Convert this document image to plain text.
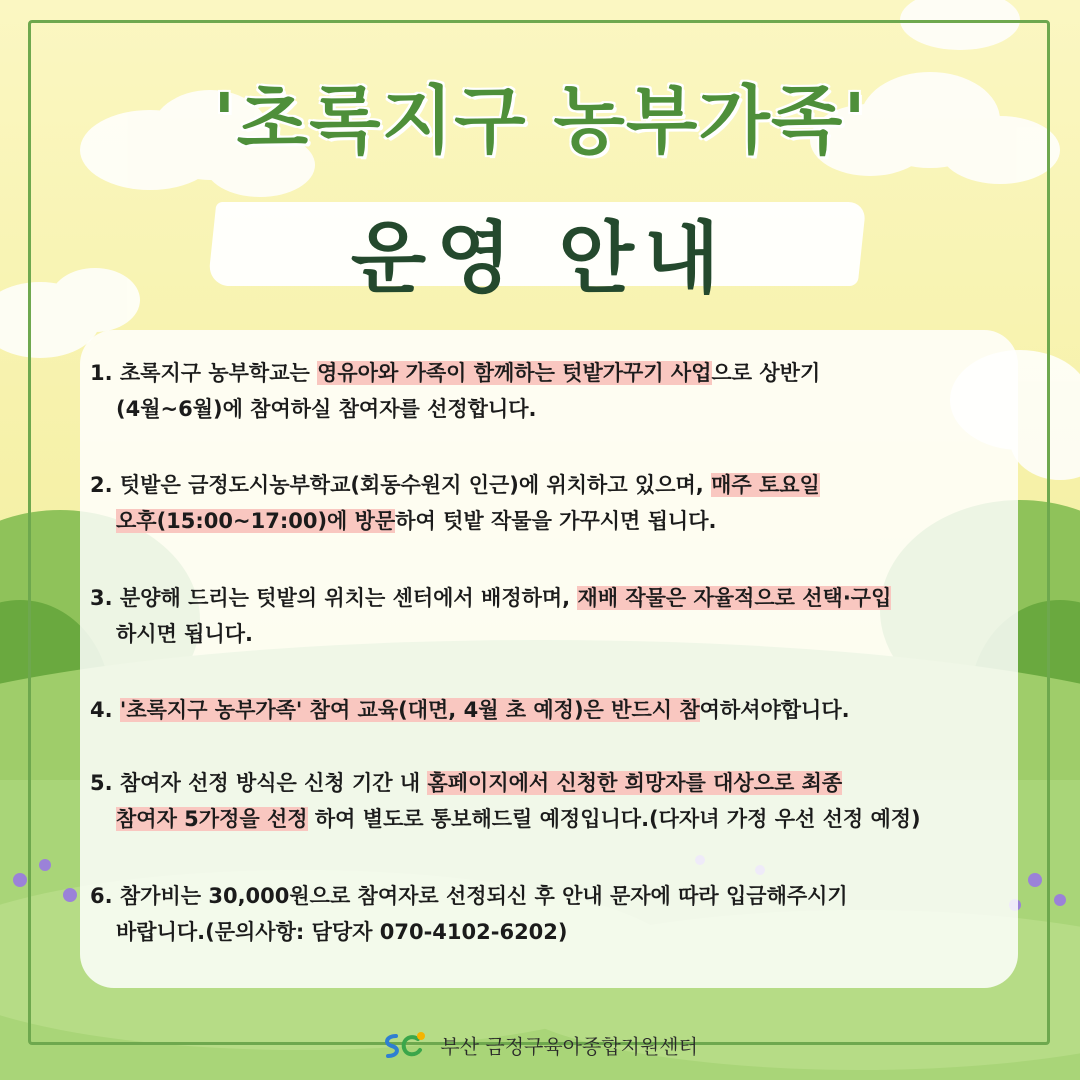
'초록지구 농부가족'
운영 안내
1. 초록지구 농부학교는 영유아와 가족이 함께하는 텃밭가꾸기 사업으로 상반기
(4월~6월)에 참여하실 참여자를 선정합니다.
2. 텃밭은 금정도시농부학교(회동수원지 인근)에 위치하고 있으며, 매주 토요일
오후(15:00~17:00)에 방문하여 텃밭 작물을 가꾸시면 됩니다.
3. 분양해 드리는 텃밭의 위치는 센터에서 배정하며, 재배 작물은 자율적으로 선택·구입
하시면 됩니다.
4. '초록지구 농부가족' 참여 교육(대면, 4월 초 예정)은 반드시 참여하셔야합니다.
5. 참여자 선정 방식은 신청 기간 내 홈페이지에서 신청한 희망자를 대상으로 최종
참여자 5가정을 선정 하여 별도로 통보해드릴 예정입니다.(다자녀 가정 우선 선정 예정)
6. 참가비는 30,000원으로 참여자로 선정되신 후 안내 문자에 따라 입금해주시기
바랍니다.(문의사항: 담당자 070-4102-6202)
부산 금정구육아종합지원센터
